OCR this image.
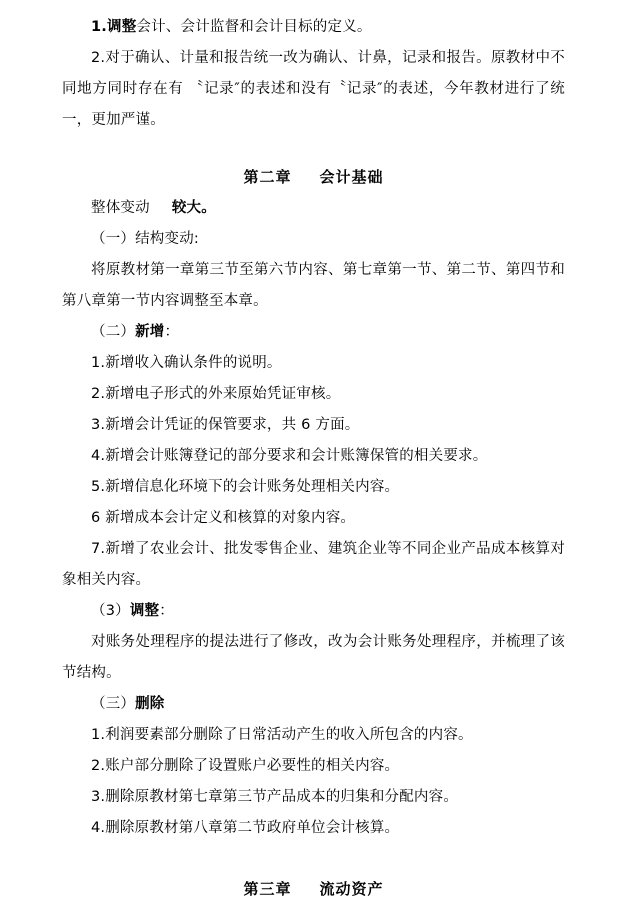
1.调整会计、会计监督和会计目标的定义。

2.对于确认、计量和报告统一改为确认、计鼻，记录和报告。原教材中不同地方同时存在有 〝记录″的表述和没有〝记录″的表述，今年教材进行了统一，更加严谨。

第二章 会计基础

整体变动	较大。

（一）结构变动:

将原教材第一章第三节至第六节内容、第七章第一节、第二节、第四节和第八章第一节内容调整至本章。

（二）新增：

1.新增收入确认条件的说明。

2.新增电子形式的外来原始凭证审核。

3.新增会计凭证的保管要求，共 6 方面。

4.新增会计账簿登记的部分要求和会计账簿保管的相关要求。

5.新增信息化环境下的会计账务处理相关内容。

6 新增成本会计定义和核算的对象内容。

7.新增了农业会计、批发零售企业、建筑企业等不同企业产品成本核算对象相关内容。

（3）调整：

对账务处理程序的提法进行了修改，改为会计账务处理程序，并梳理了该节结构。

（三）删除

1.利润要素部分删除了日常活动产生的收入所包含的内容。

2.账户部分删除了设置账户必要性的相关内容。

3.删除原教材第七章第三节产品成本的归集和分配内容。

4.删除原教材第八章第二节政府单位会计核算。

第三章 流动资产
